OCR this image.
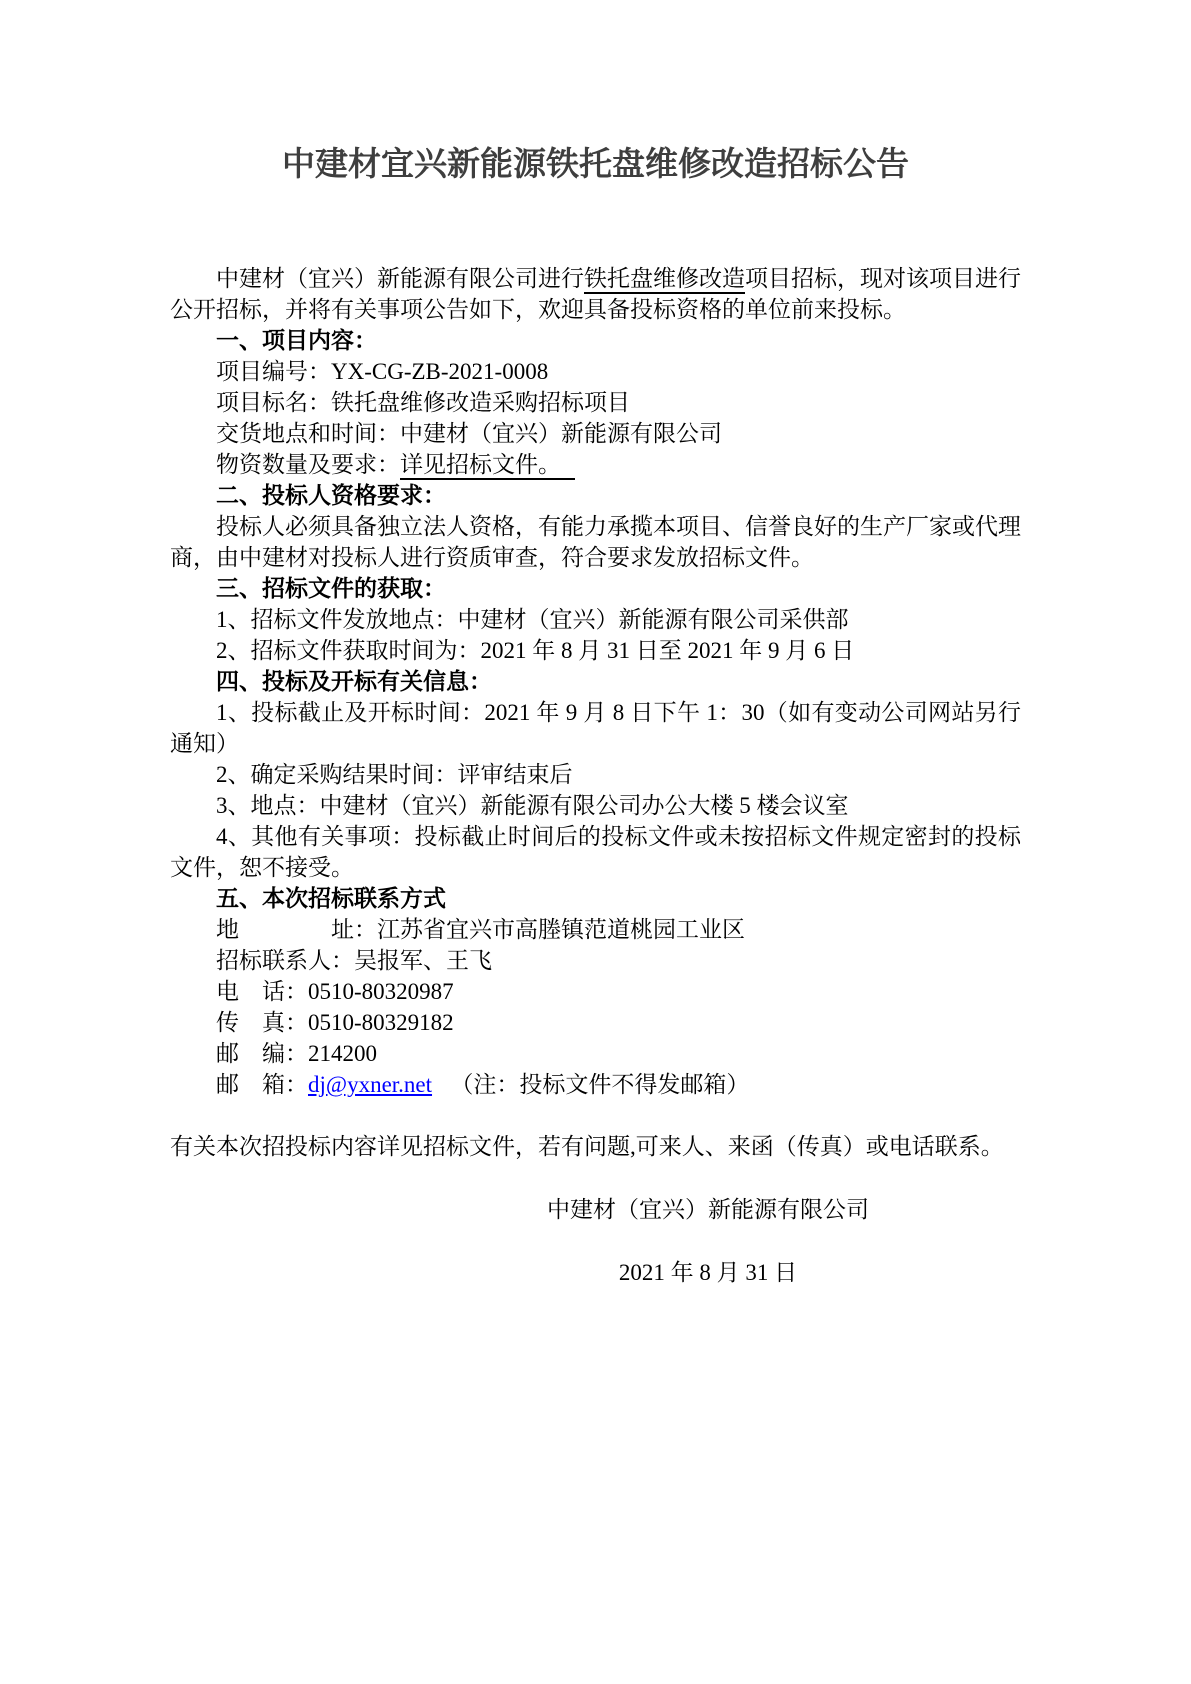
中建材宜兴新能源铁托盘维修改造招标公告

中建材（宜兴）新能源有限公司进行铁托盘维修改造项目招标，现对该项目进行公开招标，并将有关事项公告如下，欢迎具备投标资格的单位前来投标。

一、项目内容：

项目编号：YX-CG-ZB-2021-0008

项目标名：铁托盘维修改造采购招标项目

交货地点和时间：中建材（宜兴）新能源有限公司

物资数量及要求：详见招标文件。

二、投标人资格要求：

投标人必须具备独立法人资格，有能力承揽本项目、信誉良好的生产厂家或代理商，由中建材对投标人进行资质审查，符合要求发放招标文件。

三、招标文件的获取：

1、招标文件发放地点：中建材（宜兴）新能源有限公司采供部

2、招标文件获取时间为：2021 年 8 月 31 日至 2021 年 9 月 6 日

四、投标及开标有关信息：

1、投标截止及开标时间：2021 年 9 月 8 日下午 1：30（如有变动公司网站另行通知）

2、确定采购结果时间：评审结束后

3、地点：中建材（宜兴）新能源有限公司办公大楼 5 楼会议室

4、其他有关事项：投标截止时间后的投标文件或未按招标文件规定密封的投标文件，恕不接受。

五、本次招标联系方式

地　　　　址：江苏省宜兴市高塍镇范道桃园工业区

招标联系人：吴报军、王飞

电　话：0510-80320987

传　真：0510-80329182

邮　编：214200

邮　箱：dj@yxner.net （注：投标文件不得发邮箱）

有关本次招投标内容详见招标文件，若有问题,可来人、来函（传真）或电话联系。

中建材（宜兴）新能源有限公司

2021 年 8 月 31 日
